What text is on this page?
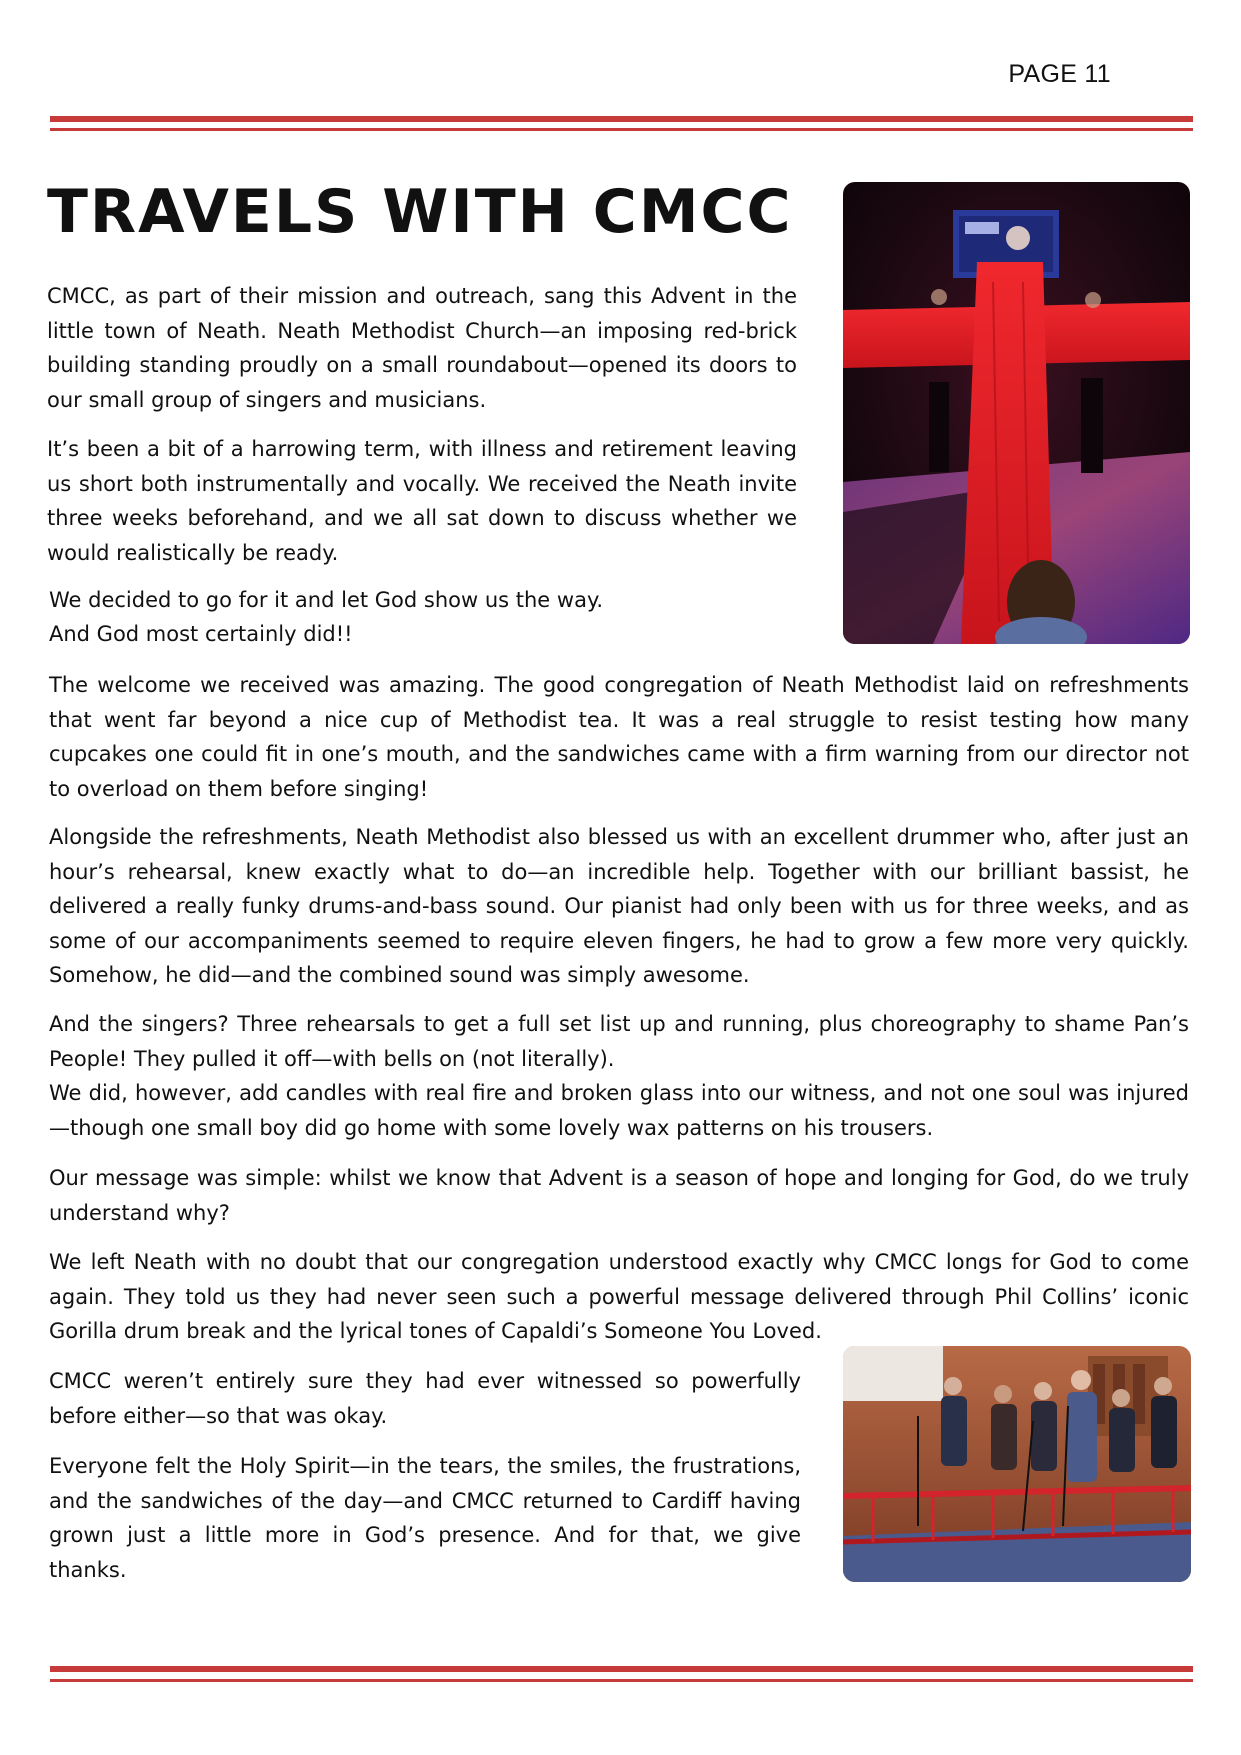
PAGE 11
TRAVELS WITH CMCC

CMCC, as part of their mission and outreach, sang this Advent in the little town of Neath. Neath Methodist Church—an imposing red-brick building standing proudly on a small roundabout—opened its doors to our small group of singers and musicians.

It’s been a bit of a harrowing term, with illness and retirement leaving us short both instrumentally and vocally. We received the Neath invite three weeks beforehand, and we all sat down to discuss whether we would realistically be ready.

We decided to go for it and let God show us the way.

And God most certainly did!!

The welcome we received was amazing. The good congregation of Neath Methodist laid on refreshments that went far beyond a nice cup of Methodist tea. It was a real struggle to resist testing how many cupcakes one could fit in one’s mouth, and the sandwiches came with a firm warning from our director not to overload on them before singing!

Alongside the refreshments, Neath Methodist also blessed us with an excellent drummer who, after just an hour’s rehearsal, knew exactly what to do—an incredible help. Together with our brilliant bassist, he delivered a really funky drums-and-bass sound. Our pianist had only been with us for three weeks, and as some of our accompaniments seemed to require eleven fingers, he had to grow a few more very quickly. Somehow, he did—and the combined sound was simply awesome.

And the singers? Three rehearsals to get a full set list up and running, plus choreography to shame Pan’s People! They pulled it off—with bells on (not literally).

We did, however, add candles with real fire and broken glass into our witness, and not one soul was injured—though one small boy did go home with some lovely wax patterns on his trousers.

Our message was simple: whilst we know that Advent is a season of hope and longing for God, do we truly understand why?

We left Neath with no doubt that our congregation understood exactly why CMCC longs for God to come again. They told us they had never seen such a powerful message delivered through Phil Collins’ iconic Gorilla drum break and the lyrical tones of Capaldi’s Someone You Loved.

CMCC weren’t entirely sure they had ever witnessed so powerfully before either—so that was okay.

Everyone felt the Holy Spirit—in the tears, the smiles, the frustrations, and the sandwiches of the day—and CMCC returned to Cardiff having grown just a little more in God’s presence. And for that, we give thanks.
